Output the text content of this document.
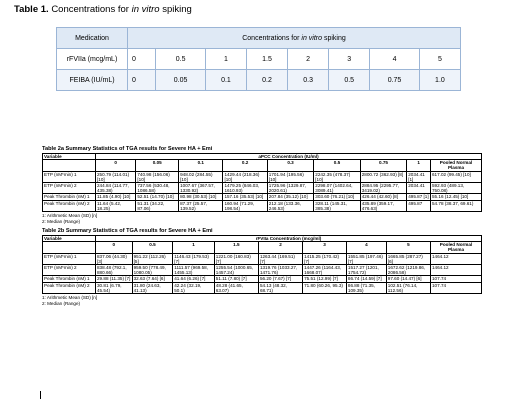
Table 1. Concentrations for in vitro spiking
Medication	Concentrations for in vitro spiking							
rFVIIa (mcg/mL)	0	0.5	1	1.5	2	3	4	5
FEIBA (IU/mL)	0	0.05	0.1	0.2	0.3	0.5	0.75	1.0
Table 2a Summary Statistics of TGA results for Severe HA + Emi
Variable	aPCC Concentration (IU/ml)								
	0	0.05	0.1	0.2	0.3	0.5	0.75	1	Pooled Normal Plasma
ETP (nM*min) 1	250.79 (114.01) [10]	740.98 (156.06) [10]	948.02 (284.55) [10]	1429.44 (218.36) [10]	1701.94 (195.56) [10]	2242.35 (478.37) [10]	2800.72 (362.93) [8]	2034.41 [1]	617.02 (99.45) [10]
ETP (nM*min) 2	244.84 (114.77, 435.38)	737.56 (530.48, 1086.58)	1007.67 (367.57, 1330.92)	1479.25 (846.03, 1610.93)	1725.96 (1329.87, 2020.61)	2298.07 (1402.64, 3089.41)	2884.95 (2295.77, 3419.02)	2034.41	592.93 (489.13, 750.08)
Peak Thrombin (nM) 1	11.85 (4.90) [10]	52.51 (14.70) [10]	80.98 (30.53) [10]	157.16 (35.53) [10]	207.84 (35.12) [10]	303.60 (76.21) [10]	426.44 (42.60) [8]	495.87 [1]	55.16 (12.45) [10]
Peak Thrombin (nM) 2	11.64 (5.42, 18.25)	51.31 (34.22, 87.06)	87.37 (25.57, 139.52)	160.94 (71.29, 198.54)	212.18 (133.36, 246.53)	328.11 (145.31, 385.38)	435.89 (359.17, 476.63)	495.87	54.78 (38.37, 69.61)
1: Arithmetic Mean (SD) [n]
2: Median (Range)
Table 2b Summary Statistics of TGA results for Severe HA + Emi
Variable	rFVIIa Concentration (mcg/ml)								
	0	0.5	1	1.5	2	3	4	5	Pooled Normal Plasma
ETP (nM*min) 1	837.06 (44.30) [3]	951.22 (112.26) [5]	1146.43 (179.53) [7]	1221.00 (160.83) [7]	1263.44 (169.51) [7]	1415.25 (170.42) [7]	1551.85 (197.46) [7]	1665.85 (287.27) [6]	1464.12
ETP (nM*min) 2	838.48 (792.1, 880.66)	959.50 (778.49, 1080.05)	1111.57 (969.58, 1455.13)	1255.54 (1000.65, 1457.24)	1319.76 (1033.27, 1471.76)	1447.26 (1164.43, 1668.07)	1517.27 (1201, 1754.72)	1672.62 (1219.86, 2086.58)	1464.12
Peak Thrombin (nM) 1	29.88 (11.35) [7]	32.63 (7.64) [6]	41.64 (6.26) [7]	51.11 (7.80) [7]	56.20 (7.67) [7]	75.51 (12.99) [7]	86.74 (14.59) [7]	97.60 (14.47) [6]	107.74
Peak Thrombin (nM) 2	30.81 (6.79, 45.54)	31.80 (24.63, 41.13)	42.24 (32.19, 50.1)	48.28 (41.65, 63.07)	54.13 (48.32, 68.71)	71.80 (60.26, 95.3)	86.88 (71.35, 109.35)	102.51 (76.14, 112.56)	107.74
1: Arithmetic Mean (SD) [n]
2: Median (Range)
